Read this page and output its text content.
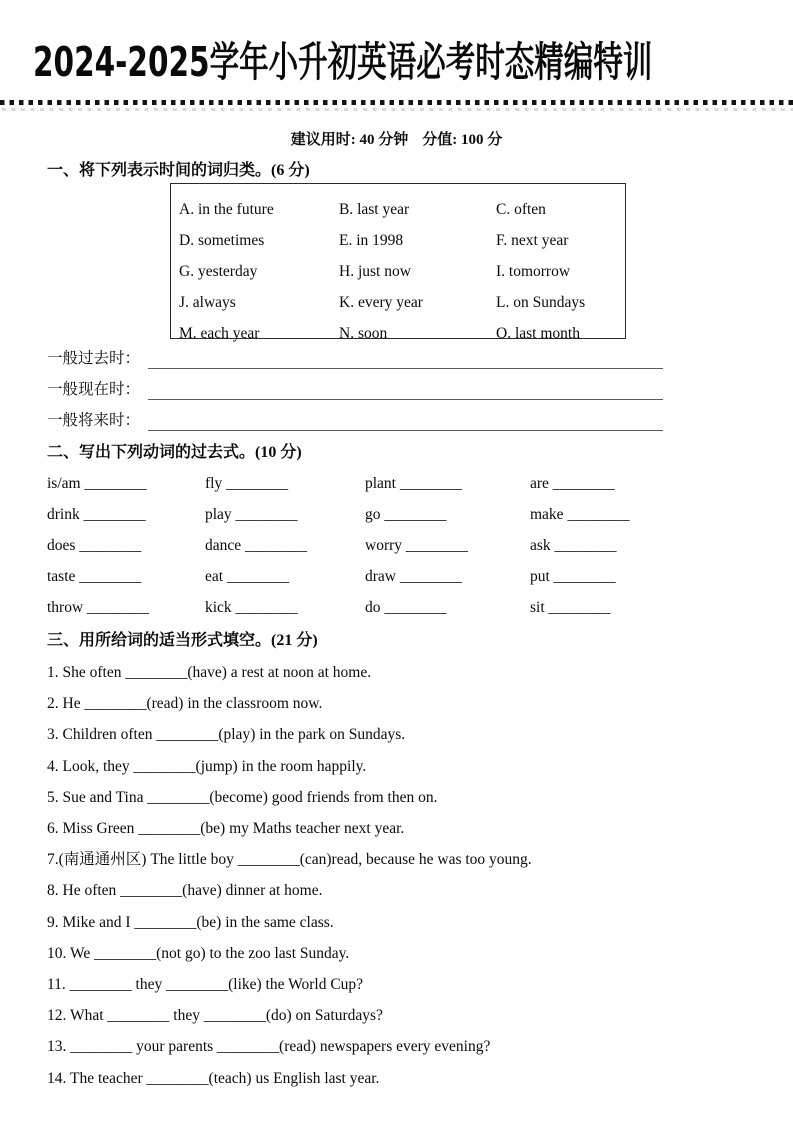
2024-2025学年小升初英语必考时态精编特训
建议用时: 40 分钟 分值: 100 分
一、将下列表示时间的词归类。(6 分)
A. in the future	B. last year	C. often
D. sometimes	E. in 1998	F. next year
G. yesterday	H. just now	I. tomorrow
J. always	K. every year	L. on Sundays
M. each year	N. soon	O. last month
一般过去时：
一般现在时：
一般将来时：
二、写出下列动词的过去式。(10 分)
is/am ________	fly ________	plant ________	are ________
drink ________	play ________	go ________	make ________
does ________	dance ________	worry ________	ask ________
taste ________	eat ________	draw ________	put ________
throw ________	kick ________	do ________	sit ________
三、用所给词的适当形式填空。(21 分)
1. She often ________(have) a rest at noon at home.
2. He ________(read) in the classroom now.
3. Children often ________(play) in the park on Sundays.
4. Look, they ________(jump) in the room happily.
5. Sue and Tina ________(become) good friends from then on.
6. Miss Green ________(be) my Maths teacher next year.
7.(南通通州区) The little boy ________(can)read, because he was too young.
8. He often ________(have) dinner at home.
9. Mike and I ________(be) in the same class.
10. We ________(not go) to the zoo last Sunday.
11. ________ they ________(like) the World Cup?
12. What ________ they ________(do) on Saturdays?
13. ________ your parents ________(read) newspapers every evening?
14. The teacher ________(teach) us English last year.
